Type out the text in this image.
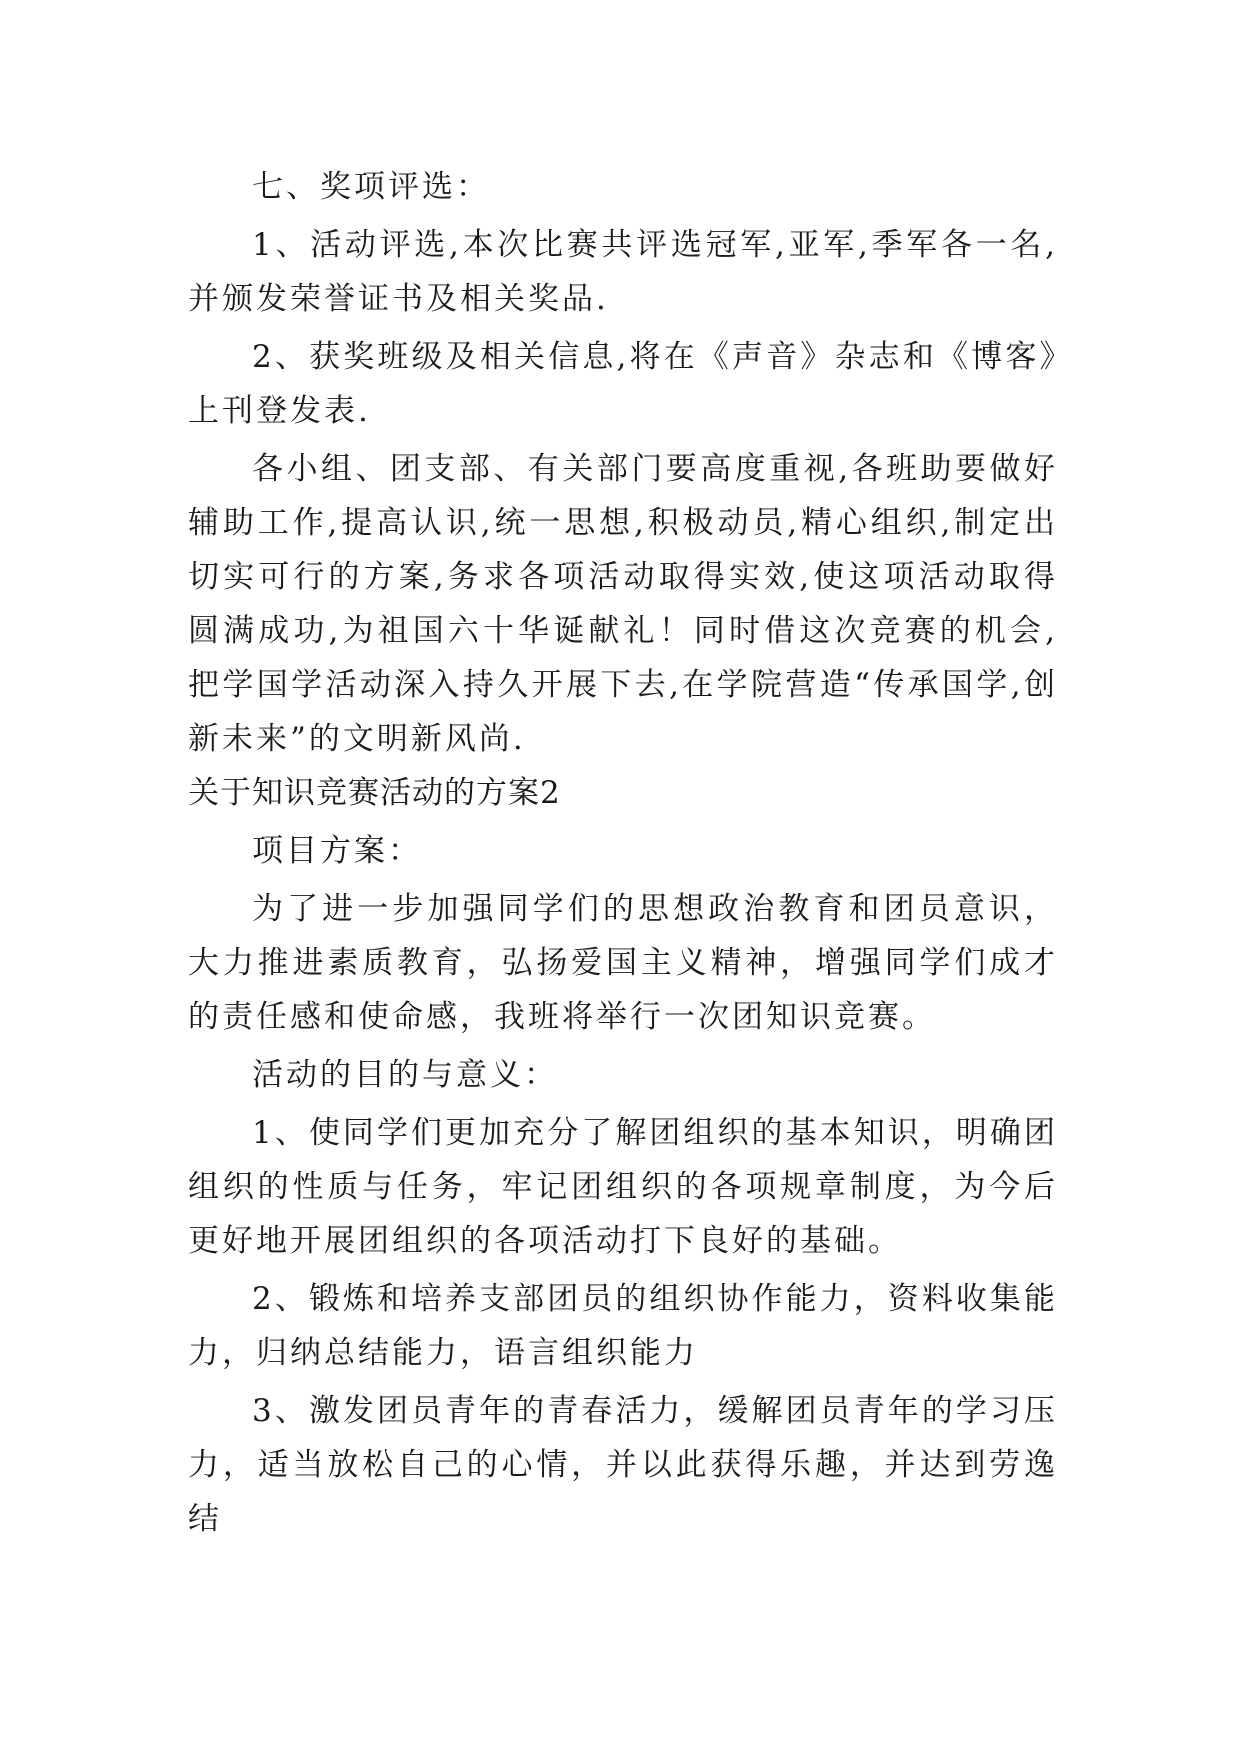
七、奖项评选：

1、活动评选,本次比赛共评选冠军,亚军,季军各一名,并颁发荣誉证书及相关奖品.

2、获奖班级及相关信息,将在《声音》杂志和《博客》上刊登发表.

各小组、团支部、有关部门要高度重视,各班助要做好辅助工作,提高认识,统一思想,积极动员,精心组织,制定出切实可行的方案,务求各项活动取得实效,使这项活动取得圆满成功,为祖国六十华诞献礼！同时借这次竞赛的机会,把学国学活动深入持久开展下去,在学院营造“传承国学,创新未来”的文明新风尚.

关于知识竞赛活动的方案2

项目方案：

为了进一步加强同学们的思想政治教育和团员意识，大力推进素质教育，弘扬爱国主义精神，增强同学们成才的责任感和使命感，我班将举行一次团知识竞赛。

活动的目的与意义：

1、使同学们更加充分了解团组织的基本知识，明确团组织的性质与任务，牢记团组织的各项规章制度，为今后更好地开展团组织的各项活动打下良好的基础。

2、锻炼和培养支部团员的组织协作能力，资料收集能力，归纳总结能力，语言组织能力

3、激发团员青年的青春活力，缓解团员青年的学习压力，适当放松自己的心情，并以此获得乐趣，并达到劳逸结
